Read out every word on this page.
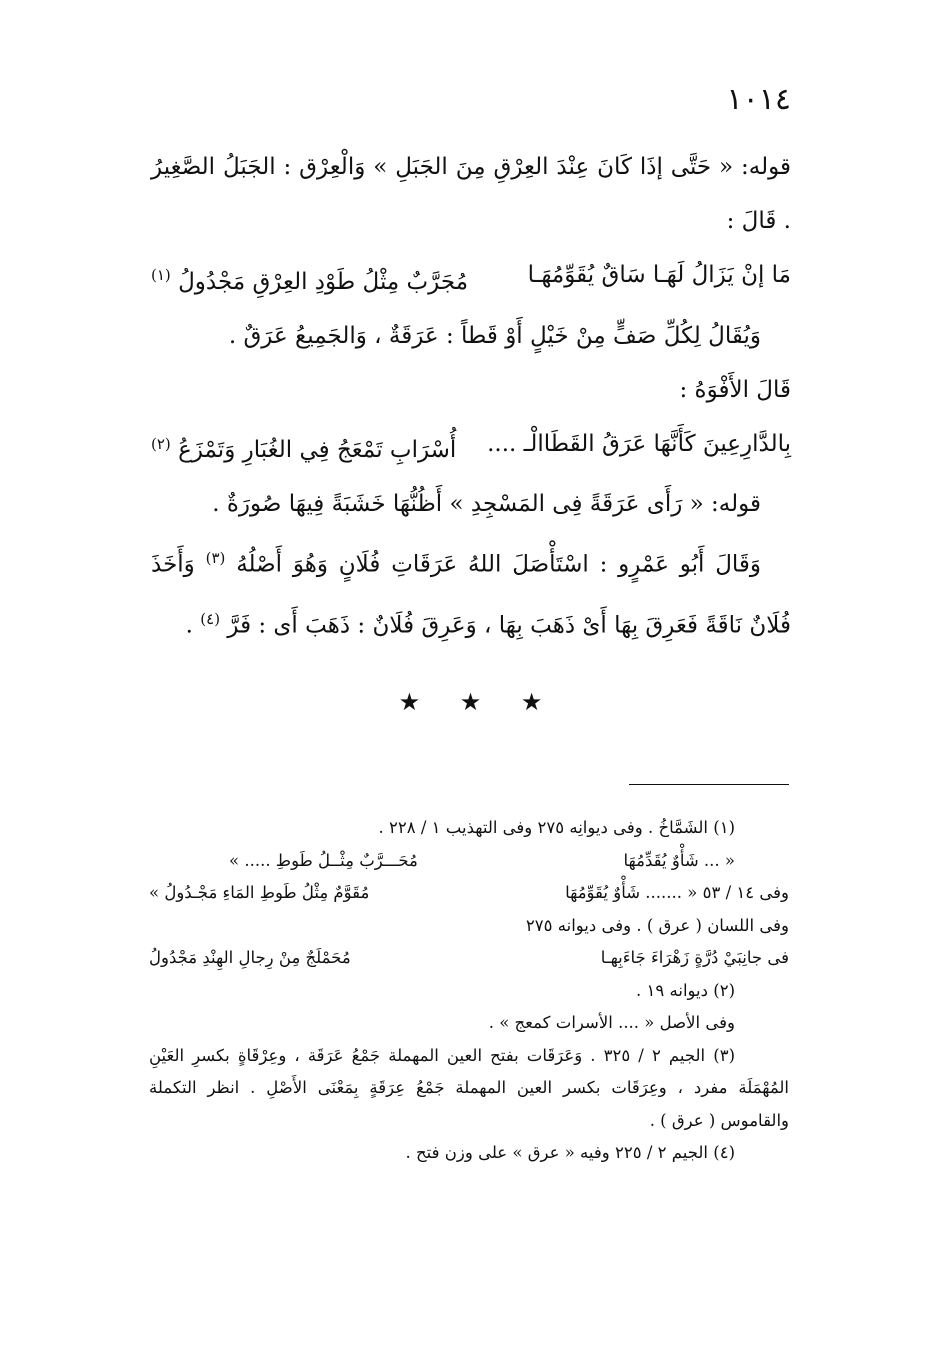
١٠١٤

قوله: « حَتَّى إذَا كَانَ عِنْدَ العِرْقِ مِنَ الجَبَلِ » وَالْعِرْق : الجَبَلُ الصَّغِيرُ . قَالَ :

مَا إنْ يَزَالُ لَهَـا سَاقٌ يُقَوِّمُهَـا
مُجَرَّبٌ مِثْلُ طَوْدِ العِرْقِ مَجْدُولُ $^{(١)}$

وَيُقَالُ لِكُلِّ صَفٍّ مِنْ خَيْلٍ أَوْ قَطاً : عَرَقَةٌ ، وَالجَمِيعُ عَرَقٌ .

قَالَ الأَفْوَهُ :

بِالدَّارِعِينَ كَأَنَّهَا عَرَقُ القَطَاالْـ ....
أُسْرَابِ تَمْعَجُ فِي الغُبَارِ وَتَمْزَعُ $^{(٢)}$

قوله: « رَأَى عَرَقَةً فِى المَسْجِدِ » أَظُنُّهَا خَشَبَةً فِيهَا صُورَةٌ .

وَقَالَ أَبُو عَمْرٍو : اسْتَأْصَلَ اللهُ عَرَقَاتِ فُلَانٍ وَهُوَ أَصْلُهُ $^{(٣)}$ وَأَخَذَ فُلَانٌ نَاقَةً فَعَرِقَ بِهَا أَىْ ذَهَبَ بِهَا ، وَعَرِقَ فُلَانٌ : ذَهَبَ أَى : فَرَّ $^{(٤)}$ .

★ ★ ★

(١) الشَمَّاخُ . وفى ديوانِه ٢٧٥ وفى التهذيب ١ / ٢٢٨ .

« ... شَأْوٌ يُقَدِّمُهَا
مُحَـــرَّبٌ مِثْــلُ طَوطِ ..... »
وفى ١٤ / ٥٣ « ....... شَأْوٌ يُقَوِّمُهَا
مُقَوَّمٌ مِثْلُ طَوطِ المَاءِ مَجْـدُولُ »

وفى اللسان ( عرق ) . وفى ديوانه ٢٧٥

فى جانِبَيْ دُرَّةٍ زَهْرَاءَ جَاءَبِهـا
مُحَمْلَجٌ مِنْ رِجالِ الهِنْدِ مَجْدُولُ

(٢) ديوانه ١٩ .

وفى الأصل « .... الأسرات كمعج » .

(٣) الجيم ٢ / ٣٢٥ . وَعَرَقَات بفتح العين المهملة جَمْعُ عَرَقَة ، وعِرْقَاةٍ بكسرِ العَيْنِ المُهْمَلَة مفرد ، وعِرَقَات بكسر العين المهملة جَمْعُ عِرَقَةٍ بِمَعْنَى الأَصْلِ . انظر التكملة والقاموس ( عرق ) .

(٤) الجيم ٢ / ٢٢٥ وفيه « عرق » على وزن فتح .
